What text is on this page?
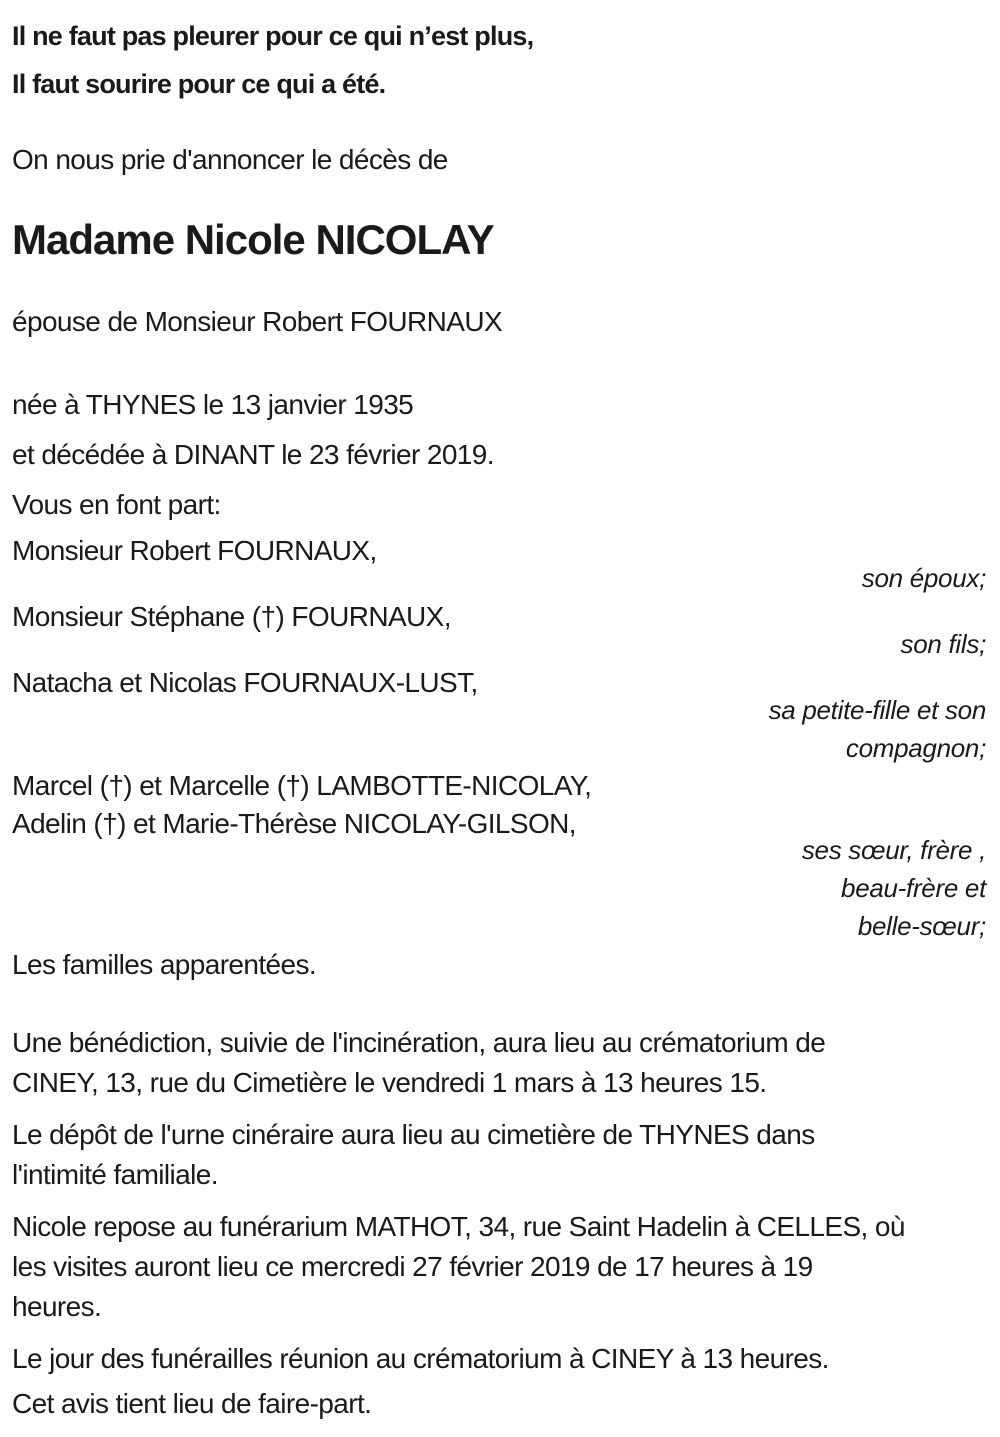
Il ne faut pas pleurer pour ce qui n’est plus,
Il faut sourire pour ce qui a été.
On nous prie d'annoncer le décès de
Madame Nicole NICOLAY
épouse de Monsieur Robert FOURNAUX
née à THYNES le 13 janvier 1935
et décédée à DINANT le 23 février 2019.
Vous en font part:
Monsieur Robert FOURNAUX,
son époux;
Monsieur Stéphane (†) FOURNAUX,
son fils;
Natacha et Nicolas FOURNAUX-LUST,
sa petite-fille et son
compagnon;
Marcel (†) et Marcelle (†) LAMBOTTE-NICOLAY,
Adelin (†) et Marie-Thérèse NICOLAY-GILSON,
ses sœur, frère ,
beau-frère et
belle-sœur;
Les familles apparentées.
Une bénédiction, suivie de l'incinération, aura lieu au crématorium de
CINEY, 13, rue du Cimetière le vendredi 1 mars à 13 heures 15.
Le dépôt de l'urne cinéraire aura lieu au cimetière de THYNES dans
l'intimité familiale.
Nicole repose au funérarium MATHOT, 34, rue Saint Hadelin à CELLES, où
les visites auront lieu ce mercredi 27 février 2019 de 17 heures à 19
heures.
Le jour des funérailles réunion au crématorium à CINEY à 13 heures.
Cet avis tient lieu de faire-part.
